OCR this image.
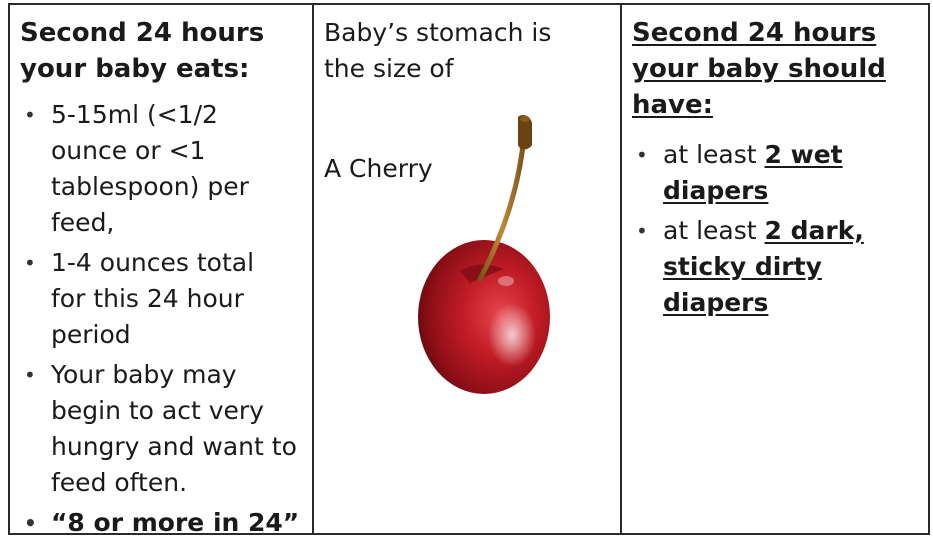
Second 24 hours
your baby eats:

• 5-15ml (<1/2 ounce or <1 tablespoon) per feed,
• 1-4 ounces total for this 24 hour period
• Your baby may begin to act very hungry and want to feed often.
• “8 or more in 24”

Baby’s stomach is
the size of

A Cherry

Second 24 hours
your baby should
have:

• at least 2 wet diapers
• at least 2 dark, sticky dirty diapers
